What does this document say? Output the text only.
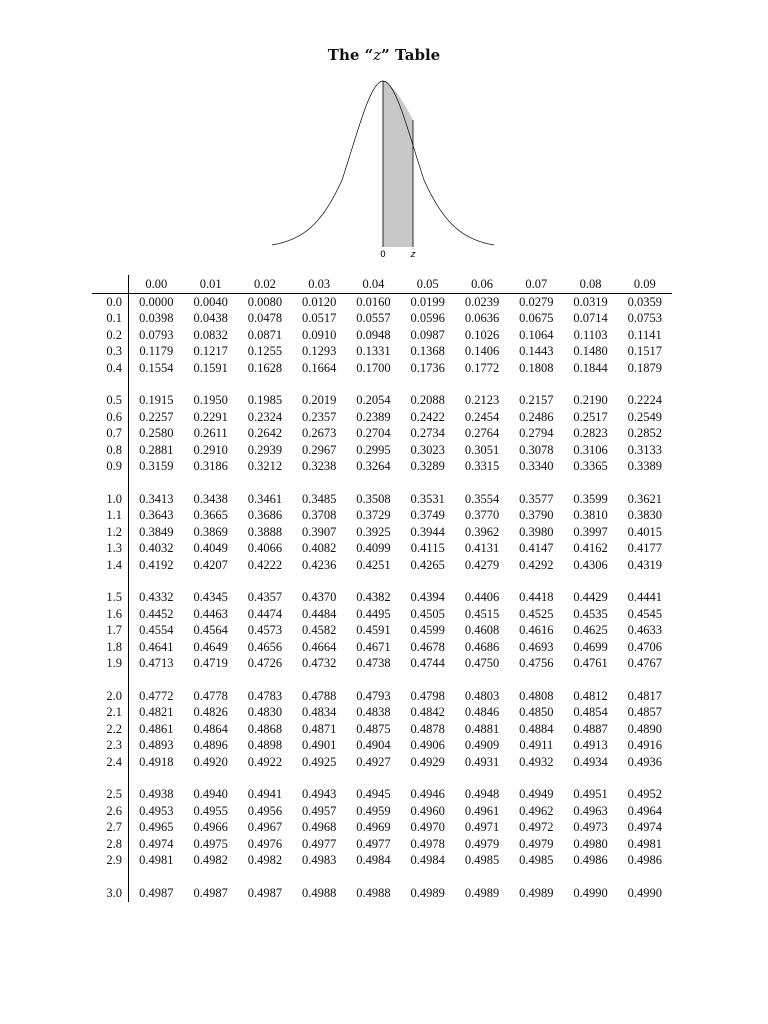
The “z” Table
0	z
	0.00	0.01	0.02	0.03	0.04	0.05	0.06	0.07	0.08	0.09
0.0	0.0000	0.0040	0.0080	0.0120	0.0160	0.0199	0.0239	0.0279	0.0319	0.0359
0.1	0.0398	0.0438	0.0478	0.0517	0.0557	0.0596	0.0636	0.0675	0.0714	0.0753
0.2	0.0793	0.0832	0.0871	0.0910	0.0948	0.0987	0.1026	0.1064	0.1103	0.1141
0.3	0.1179	0.1217	0.1255	0.1293	0.1331	0.1368	0.1406	0.1443	0.1480	0.1517
0.4	0.1554	0.1591	0.1628	0.1664	0.1700	0.1736	0.1772	0.1808	0.1844	0.1879

0.5	0.1915	0.1950	0.1985	0.2019	0.2054	0.2088	0.2123	0.2157	0.2190	0.2224
0.6	0.2257	0.2291	0.2324	0.2357	0.2389	0.2422	0.2454	0.2486	0.2517	0.2549
0.7	0.2580	0.2611	0.2642	0.2673	0.2704	0.2734	0.2764	0.2794	0.2823	0.2852
0.8	0.2881	0.2910	0.2939	0.2967	0.2995	0.3023	0.3051	0.3078	0.3106	0.3133
0.9	0.3159	0.3186	0.3212	0.3238	0.3264	0.3289	0.3315	0.3340	0.3365	0.3389

1.0	0.3413	0.3438	0.3461	0.3485	0.3508	0.3531	0.3554	0.3577	0.3599	0.3621
1.1	0.3643	0.3665	0.3686	0.3708	0.3729	0.3749	0.3770	0.3790	0.3810	0.3830
1.2	0.3849	0.3869	0.3888	0.3907	0.3925	0.3944	0.3962	0.3980	0.3997	0.4015
1.3	0.4032	0.4049	0.4066	0.4082	0.4099	0.4115	0.4131	0.4147	0.4162	0.4177
1.4	0.4192	0.4207	0.4222	0.4236	0.4251	0.4265	0.4279	0.4292	0.4306	0.4319

1.5	0.4332	0.4345	0.4357	0.4370	0.4382	0.4394	0.4406	0.4418	0.4429	0.4441
1.6	0.4452	0.4463	0.4474	0.4484	0.4495	0.4505	0.4515	0.4525	0.4535	0.4545
1.7	0.4554	0.4564	0.4573	0.4582	0.4591	0.4599	0.4608	0.4616	0.4625	0.4633
1.8	0.4641	0.4649	0.4656	0.4664	0.4671	0.4678	0.4686	0.4693	0.4699	0.4706
1.9	0.4713	0.4719	0.4726	0.4732	0.4738	0.4744	0.4750	0.4756	0.4761	0.4767

2.0	0.4772	0.4778	0.4783	0.4788	0.4793	0.4798	0.4803	0.4808	0.4812	0.4817
2.1	0.4821	0.4826	0.4830	0.4834	0.4838	0.4842	0.4846	0.4850	0.4854	0.4857
2.2	0.4861	0.4864	0.4868	0.4871	0.4875	0.4878	0.4881	0.4884	0.4887	0.4890
2.3	0.4893	0.4896	0.4898	0.4901	0.4904	0.4906	0.4909	0.4911	0.4913	0.4916
2.4	0.4918	0.4920	0.4922	0.4925	0.4927	0.4929	0.4931	0.4932	0.4934	0.4936

2.5	0.4938	0.4940	0.4941	0.4943	0.4945	0.4946	0.4948	0.4949	0.4951	0.4952
2.6	0.4953	0.4955	0.4956	0.4957	0.4959	0.4960	0.4961	0.4962	0.4963	0.4964
2.7	0.4965	0.4966	0.4967	0.4968	0.4969	0.4970	0.4971	0.4972	0.4973	0.4974
2.8	0.4974	0.4975	0.4976	0.4977	0.4977	0.4978	0.4979	0.4979	0.4980	0.4981
2.9	0.4981	0.4982	0.4982	0.4983	0.4984	0.4984	0.4985	0.4985	0.4986	0.4986

3.0	0.4987	0.4987	0.4987	0.4988	0.4988	0.4989	0.4989	0.4989	0.4990	0.4990
